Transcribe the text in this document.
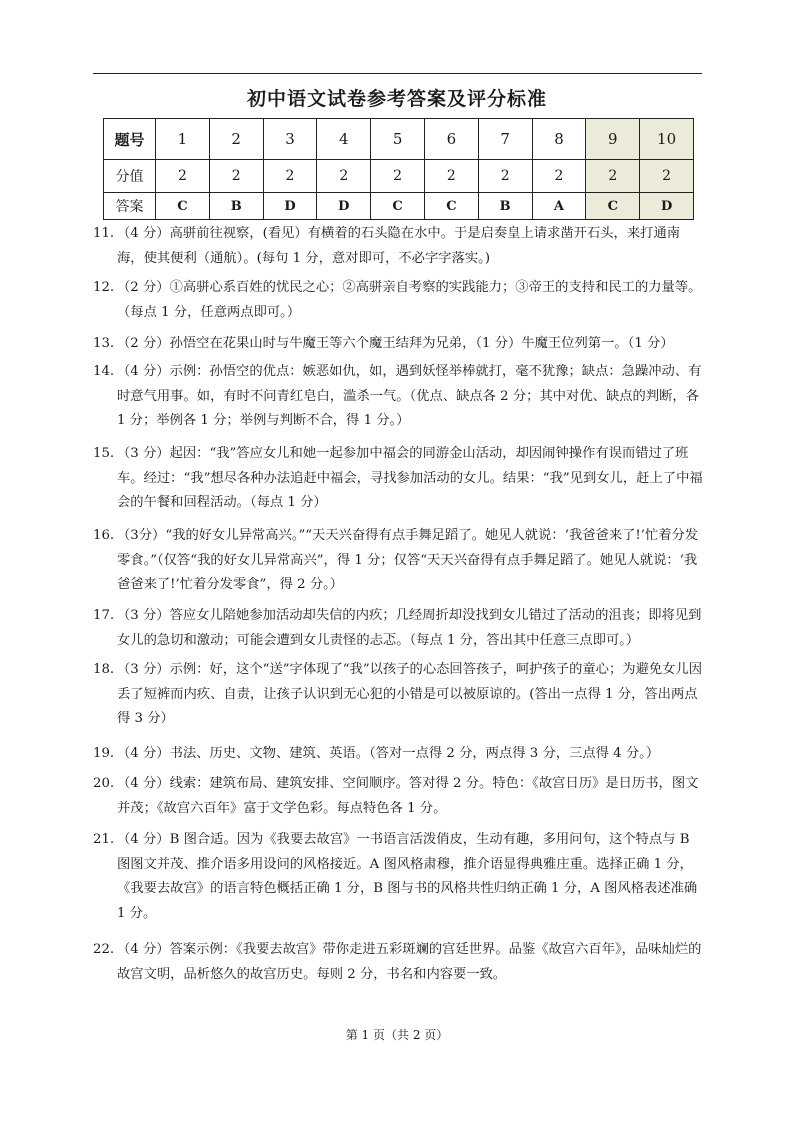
初中语文试卷参考答案及评分标准
题号	1	2	3	4	5	6	7	8	9	10
分值	2	2	2	2	2	2	2	2	2	2
答案	C	B	D	D	C	C	B	A	C	D
11. （4 分）高骈前往视察，(看见）有横着的石头隐在水中。于是启奏皇上请求凿开石头，来打通南海，使其便利（通航）。(每句 1 分，意对即可，不必字字落实。)

12. （2 分）①高骈心系百姓的忧民之心；②高骈亲自考察的实践能力；③帝王的支持和民工的力量等。（每点 1 分，任意两点即可。）

13. （2 分）孙悟空在花果山时与牛魔王等六个魔王结拜为兄弟，（1 分）牛魔王位列第一。（1 分）

14. （4 分）示例：孙悟空的优点：嫉恶如仇，如，遇到妖怪举棒就打，毫不犹豫；缺点：急躁冲动、有时意气用事。如，有时不问青红皂白，滥杀一气。（优点、缺点各 2 分；其中对优、缺点的判断，各 1 分；举例各 1 分；举例与判断不合，得 1 分。）

15. （3 分）起因：“我”答应女儿和她一起参加中福会的同游金山活动，却因闹钟操作有误而错过了班车。经过：“我”想尽各种办法追赶中福会，寻找参加活动的女儿。结果：“我”见到女儿，赶上了中福会的午餐和回程活动。（每点 1 分）

16. （3分）“我的好女儿异常高兴。”“天天兴奋得有点手舞足蹈了。她见人就说：‘我爸爸来了!’忙着分发零食。”（仅答“我的好女儿异常高兴”，得 1 分；仅答“天天兴奋得有点手舞足蹈了。她见人就说：‘我爸爸来了!’忙着分发零食”，得 2 分。）

17. （3 分）答应女儿陪她参加活动却失信的内疚；几经周折却没找到女儿错过了活动的沮丧；即将见到女儿的急切和激动；可能会遭到女儿责怪的忐忑。（每点 1 分，答出其中任意三点即可。）

18. （3 分）示例：好，这个“送”字体现了“我”以孩子的心态回答孩子，呵护孩子的童心；为避免女儿因丢了短裤而内疚、自责，让孩子认识到无心犯的小错是可以被原谅的。(答出一点得 1 分，答出两点得 3 分）

19. （4 分）书法、历史、文物、建筑、英语。（答对一点得 2 分，两点得 3 分，三点得 4 分。）

20. （4 分）线索：建筑布局、建筑安排、空间顺序。答对得 2 分。特色：《故宫日历》是日历书，图文并茂；《故宫六百年》富于文学色彩。每点特色各 1 分。

21. （4 分）B 图合适。因为《我要去故宫》一书语言活泼俏皮，生动有趣，多用问句，这个特点与 B 图图文并茂、推介语多用设问的风格接近。A 图风格肃穆，推介语显得典雅庄重。选择正确 1 分，《我要去故宫》的语言特色概括正确 1 分，B 图与书的风格共性归纳正确 1 分，A 图风格表述准确 1 分。

22. （4 分）答案示例：《我要去故宫》带你走进五彩斑斓的宫廷世界。品鉴《故宫六百年》，品味灿烂的故宫文明，品析悠久的故宫历史。每则 2 分，书名和内容要一致。

第 1 页（共 2 页）
